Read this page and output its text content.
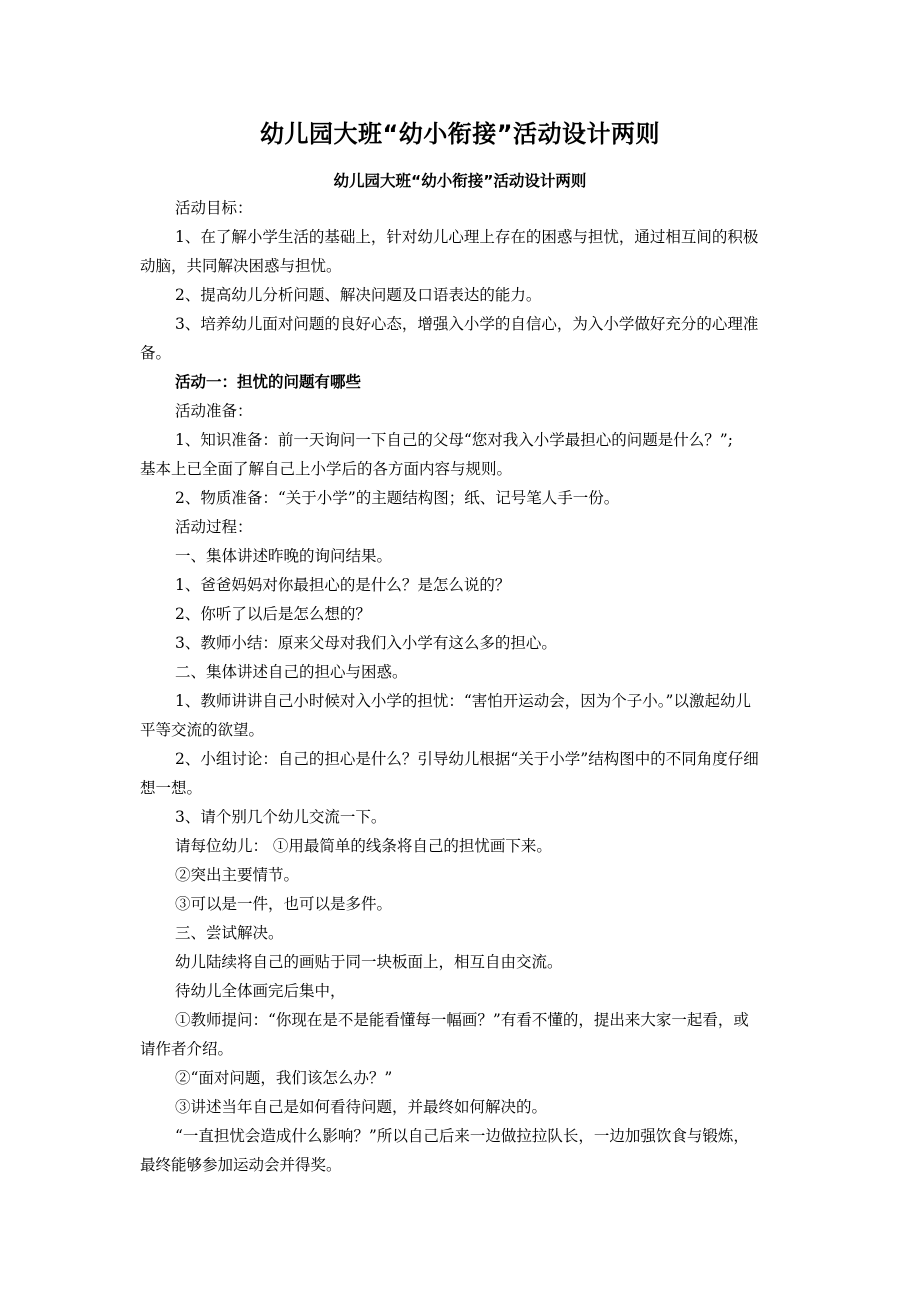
幼儿园大班“幼小衔接”活动设计两则
幼儿园大班“幼小衔接”活动设计两则
活动目标：
1、在了解小学生活的基础上，针对幼儿心理上存在的困惑与担忧，通过相互间的积极
动脑，共同解决困惑与担忧。
2、提高幼儿分析问题、解决问题及口语表达的能力。
3、培养幼儿面对问题的良好心态，增强入小学的自信心，为入小学做好充分的心理准
备。
活动一：担忧的问题有哪些
活动准备：
1、知识准备：前一天询问一下自己的父母“您对我入小学最担心的问题是什么？”;
基本上已全面了解自己上小学后的各方面内容与规则。
2、物质准备：“关于小学”的主题结构图；纸、记号笔人手一份。
活动过程：
一、集体讲述昨晚的询问结果。
1、爸爸妈妈对你最担心的是什么？是怎么说的？
2、你听了以后是怎么想的？
3、教师小结：原来父母对我们入小学有这么多的担心。
二、集体讲述自己的担心与困惑。
1、教师讲讲自己小时候对入小学的担忧：“害怕开运动会，因为个子小。”以激起幼儿
平等交流的欲望。
2、小组讨论：自己的担心是什么？引导幼儿根据“关于小学”结构图中的不同角度仔细
想一想。
3、请个别几个幼儿交流一下。
请每位幼儿： ①用最简单的线条将自己的担忧画下来。
②突出主要情节。
③可以是一件，也可以是多件。
三、尝试解决。
幼儿陆续将自己的画贴于同一块板面上，相互自由交流。
待幼儿全体画完后集中，
①教师提问：“你现在是不是能看懂每一幅画？”有看不懂的，提出来大家一起看，或
请作者介绍。
②“面对问题，我们该怎么办？”
③讲述当年自己是如何看待问题，并最终如何解决的。
“一直担忧会造成什么影响？”所以自己后来一边做拉拉队长，一边加强饮食与锻炼，
最终能够参加运动会并得奖。
